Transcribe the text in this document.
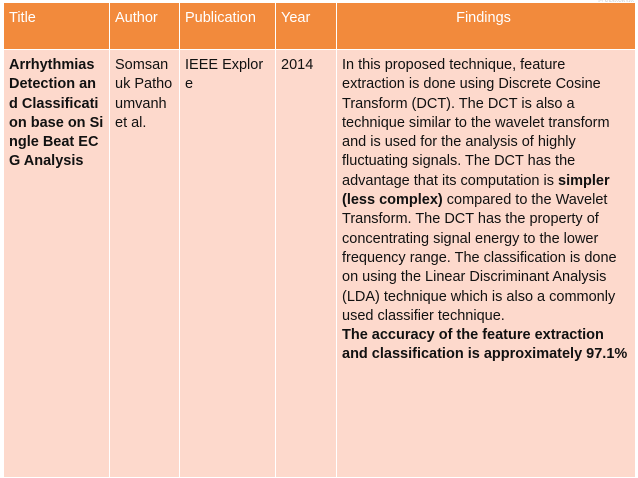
Title	Author	Publication	Year	Findings
Arrhythmias Detection and Classification base on Single Beat ECG Analysis	Somsanuk Pathoumvanh et al.	IEEE Explore	2014	In this proposed technique, feature extraction is done using Discrete Cosine Transform (DCT). The DCT is also a technique similar to the wavelet transform and is used for the analysis of highly fluctuating signals. The DCT has the advantage that its computation is simpler (less complex) compared to the Wavelet Transform. The DCT has the property of concentrating signal energy to the lower frequency range. The classification is done on using the Linear Discriminant Analysis (LDA) technique which is also a commonly used classifier technique.
The accuracy of the feature extraction and classification is approximately 97.1%
